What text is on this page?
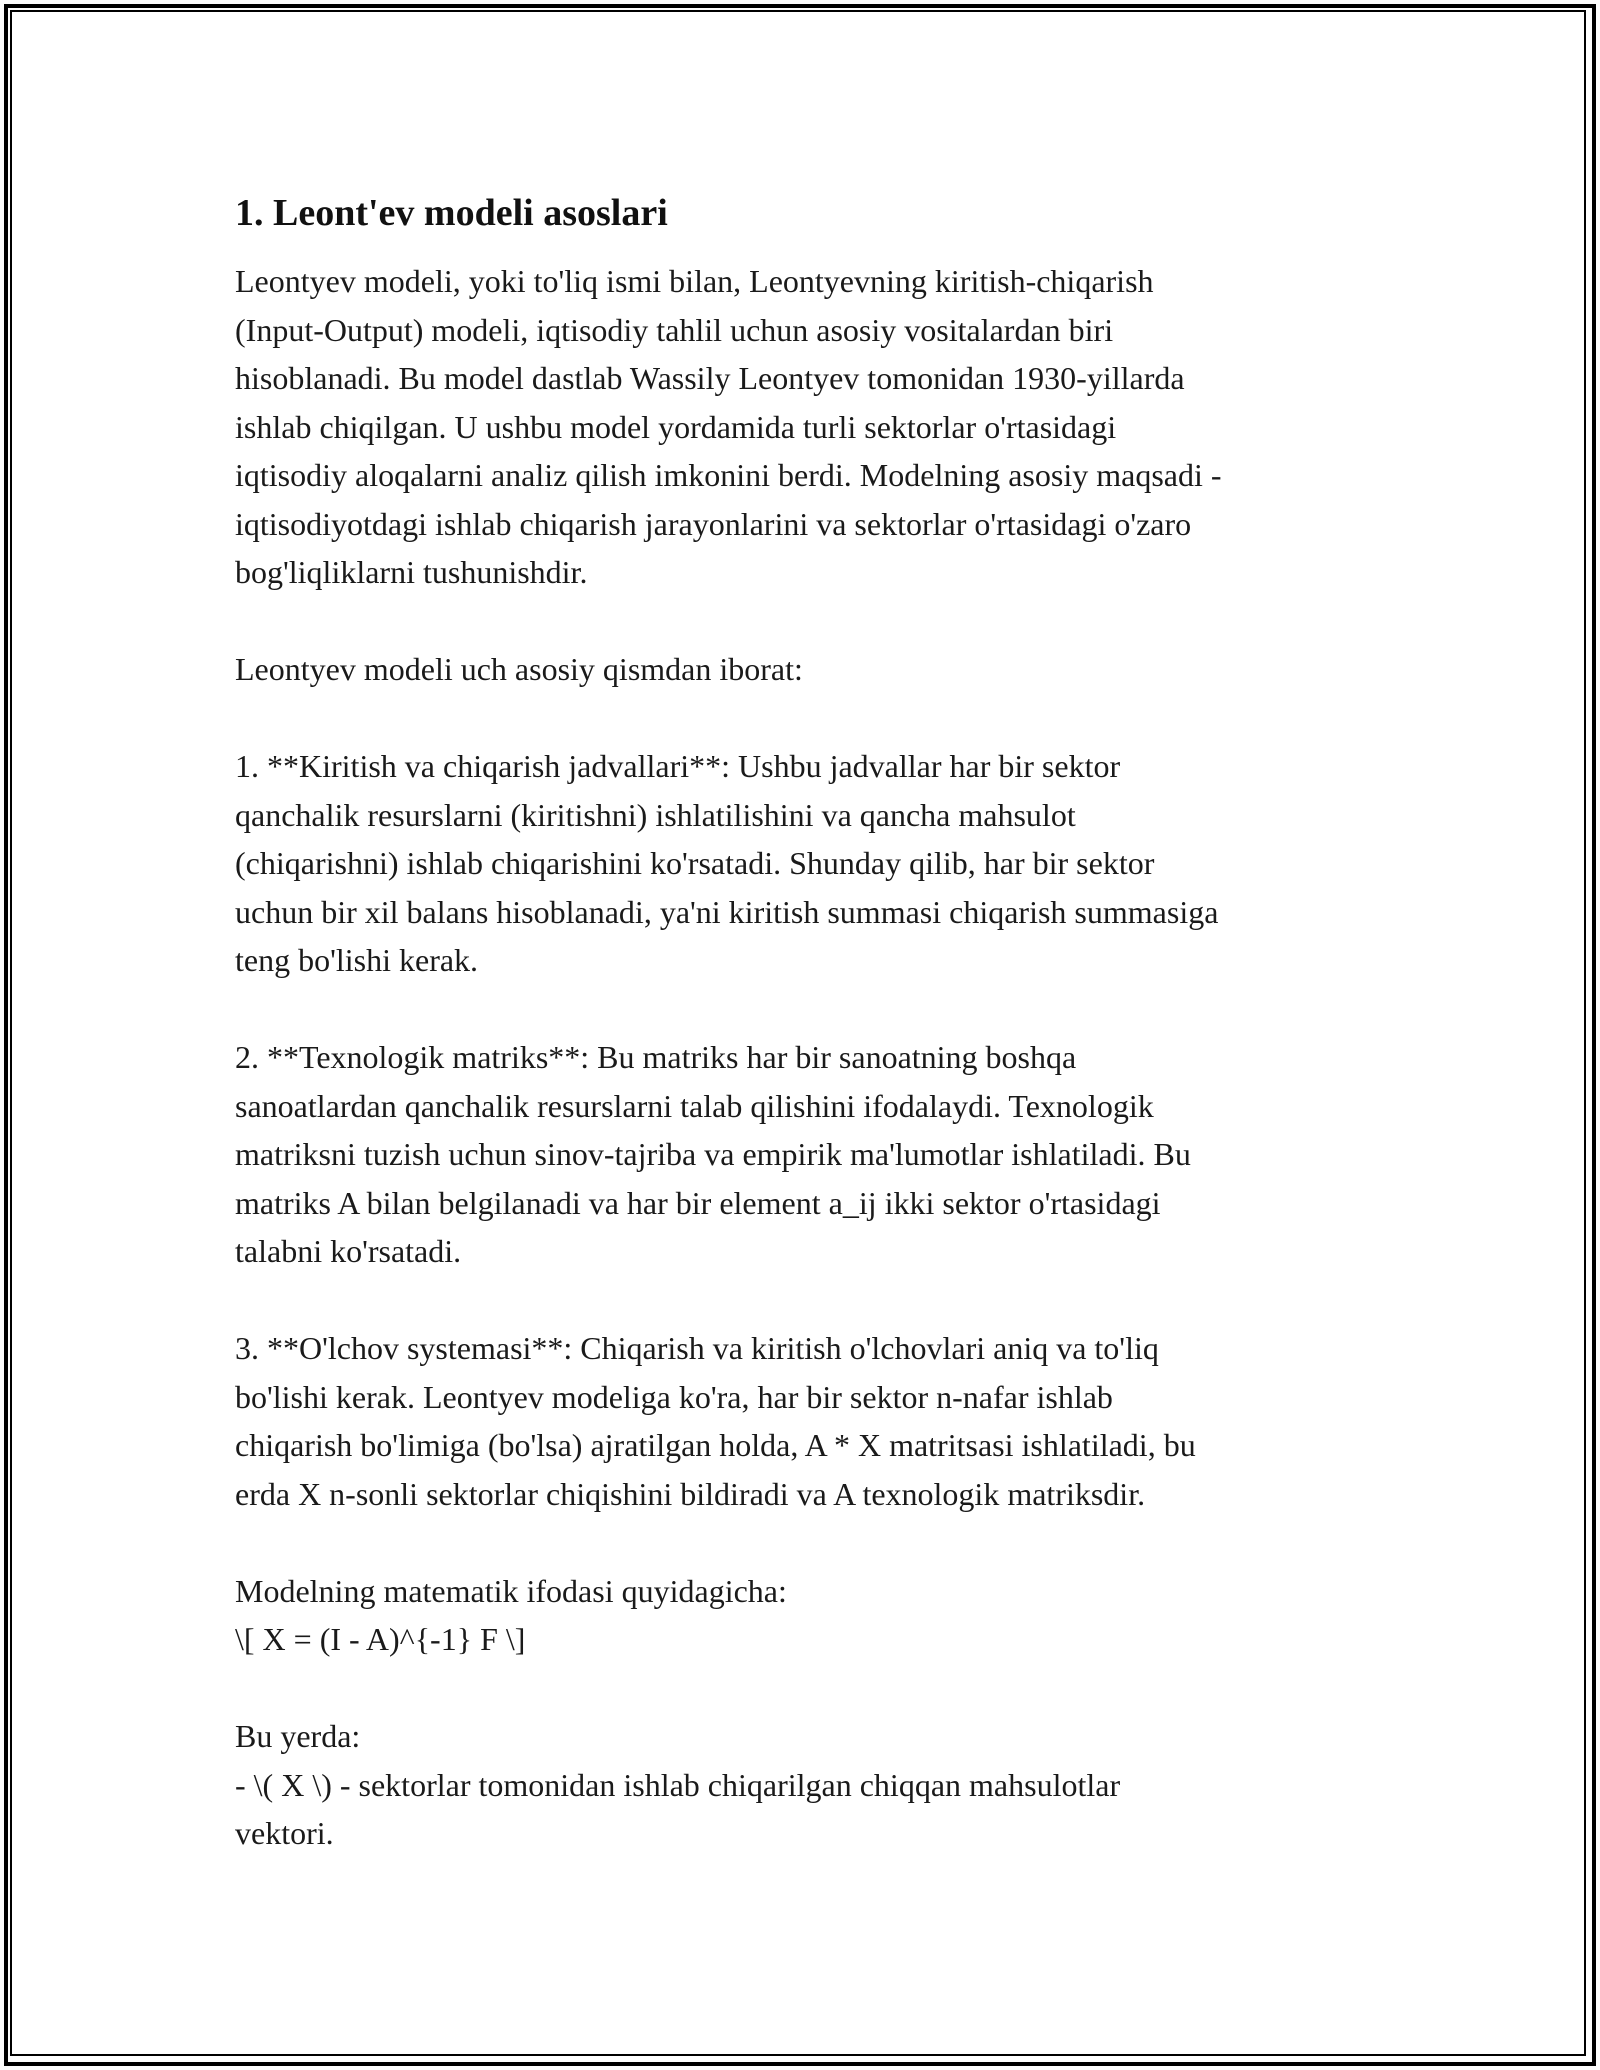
1. Leont'ev modeli asoslari

Leontyev modeli, yoki to'liq ismi bilan, Leontyevning kiritish-chiqarish
(Input-Output) modeli, iqtisodiy tahlil uchun asosiy vositalardan biri
hisoblanadi. Bu model dastlab Wassily Leontyev tomonidan 1930-yillarda
ishlab chiqilgan. U ushbu model yordamida turli sektorlar o'rtasidagi
iqtisodiy aloqalarni analiz qilish imkonini berdi. Modelning asosiy maqsadi -
iqtisodiyotdagi ishlab chiqarish jarayonlarini va sektorlar o'rtasidagi o'zaro
bog'liqliklarni tushunishdir.

Leontyev modeli uch asosiy qismdan iborat:

1. **Kiritish va chiqarish jadvallari**: Ushbu jadvallar har bir sektor
qanchalik resurslarni (kiritishni) ishlatilishini va qancha mahsulot
(chiqarishni) ishlab chiqarishini ko'rsatadi. Shunday qilib, har bir sektor
uchun bir xil balans hisoblanadi, ya'ni kiritish summasi chiqarish summasiga
teng bo'lishi kerak.

2. **Texnologik matriks**: Bu matriks har bir sanoatning boshqa
sanoatlardan qanchalik resurslarni talab qilishini ifodalaydi. Texnologik
matriksni tuzish uchun sinov-tajriba va empirik ma'lumotlar ishlatiladi. Bu
matriks A bilan belgilanadi va har bir element a_ij ikki sektor o'rtasidagi
talabni ko'rsatadi.

3. **O'lchov systemasi**: Chiqarish va kiritish o'lchovlari aniq va to'liq
bo'lishi kerak. Leontyev modeliga ko'ra, har bir sektor n-nafar ishlab
chiqarish bo'limiga (bo'lsa) ajratilgan holda, A * X matritsasi ishlatiladi, bu
erda X n-sonli sektorlar chiqishini bildiradi va A texnologik matriksdir.

Modelning matematik ifodasi quyidagicha:
\[ X = (I - A)^{-1} F \]

Bu yerda:
- \( X \) - sektorlar tomonidan ishlab chiqarilgan chiqqan mahsulotlar
vektori.
